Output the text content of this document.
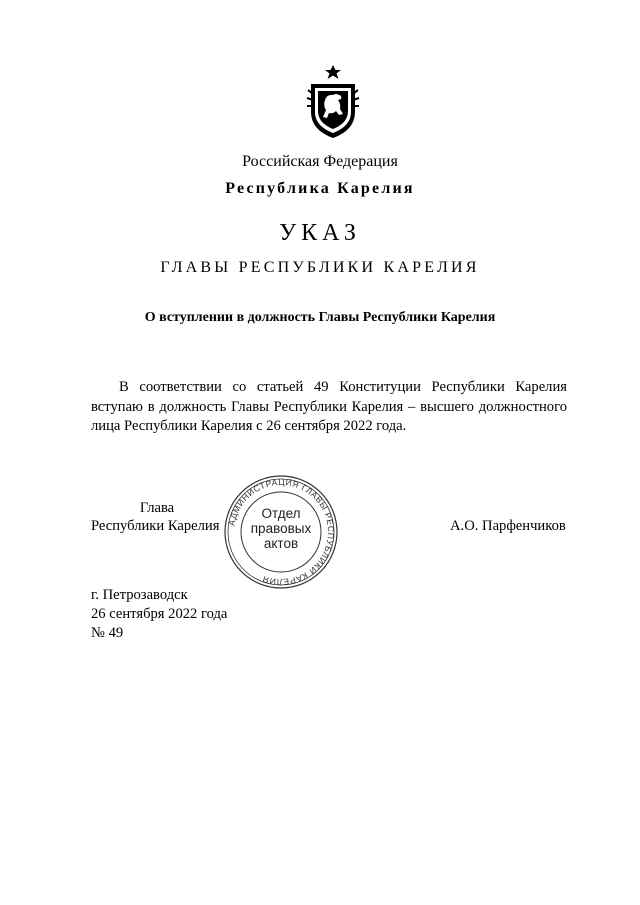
Российская Федерация
Республика Карелия
УКАЗ
ГЛАВЫ РЕСПУБЛИКИ КАРЕЛИЯ
О вступлении в должность Главы Республики Карелия

В соответствии со статьей 49 Конституции Республики Карелия вступаю в должность Главы Республики Карелия – высшего должностного лица Республики Карелия с 26 сентября 2022 года.

Глава
Республики Карелия	А.О. Парфенчиков
АДМИНИСТРАЦИЯ ГЛАВЫ РЕСПУБЛИКИ КАРЕЛИЯ
Отдел
правовых
актов
г. Петрозаводск
26 сентября 2022 года
№ 49
